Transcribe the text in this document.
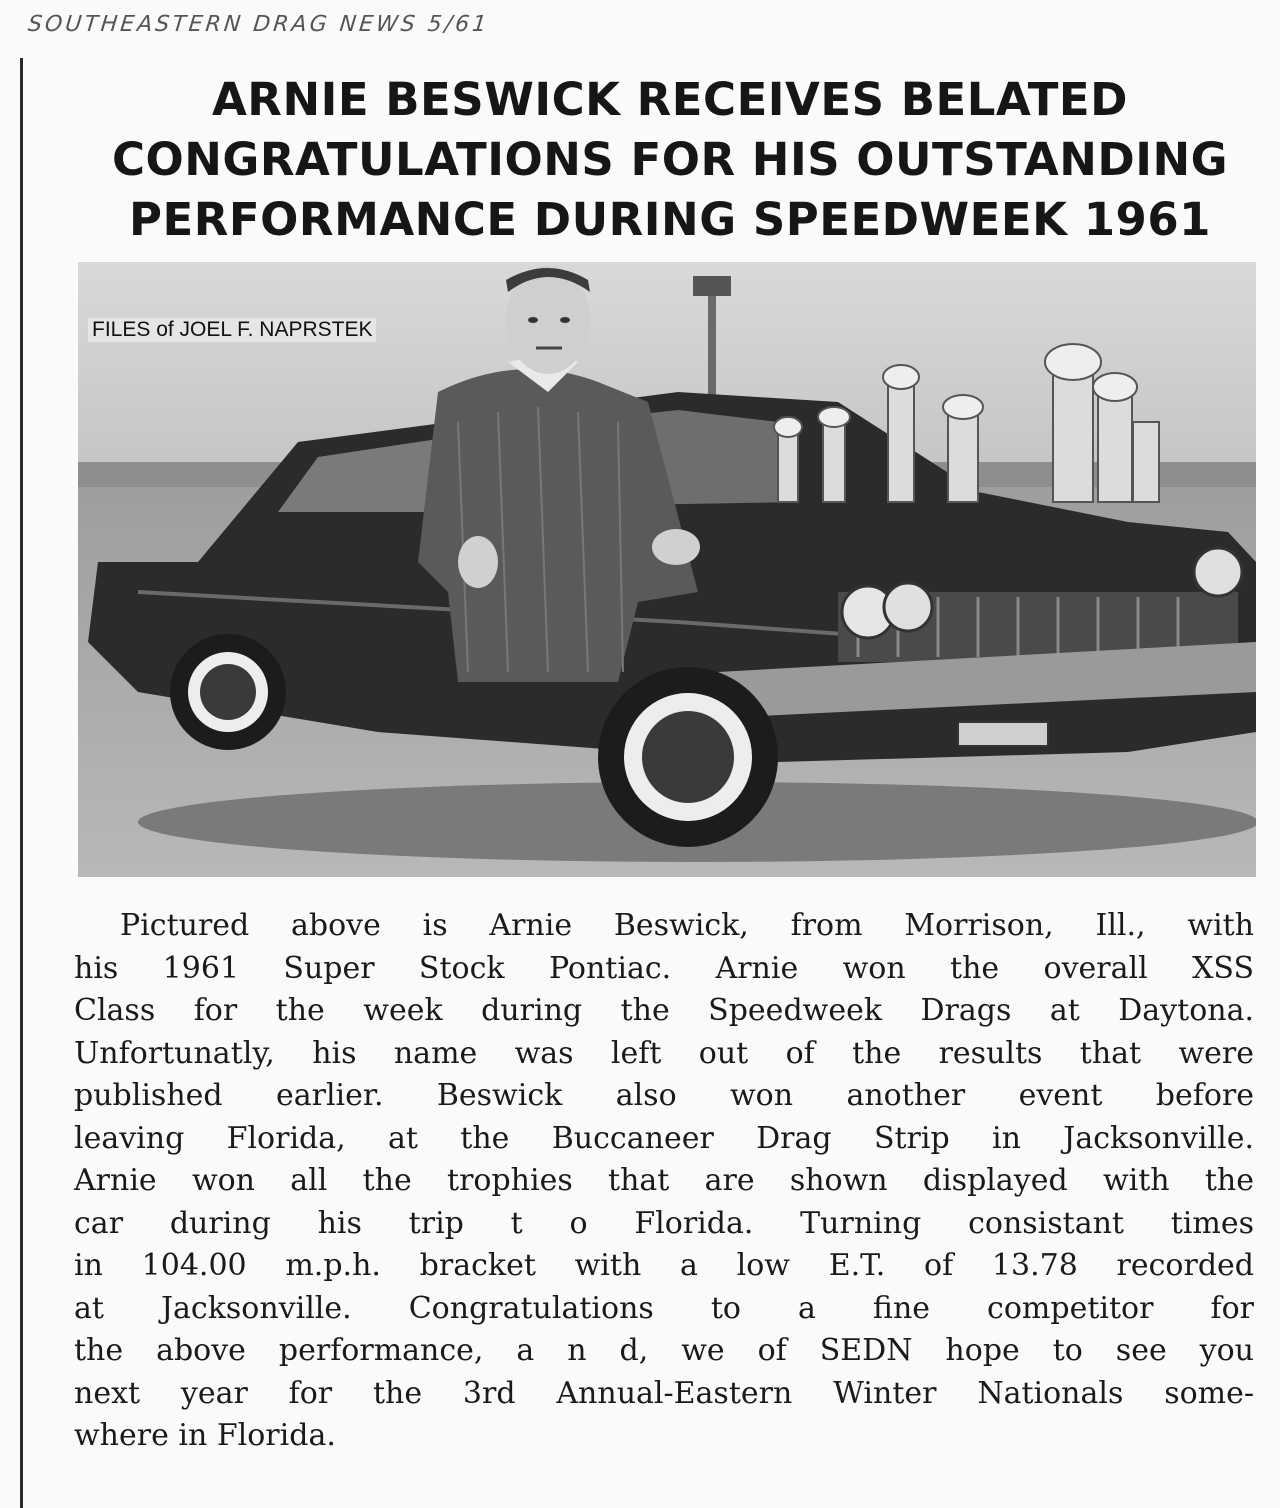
SOUTHEASTERN DRAG NEWS 5/61
ARNIE BESWICK RECEIVES BELATED
CONGRATULATIONS FOR HIS OUTSTANDING
PERFORMANCE DURING SPEEDWEEK 1961
FILES of JOEL F. NAPRSTEK
Pictured above is Arnie Beswick, from Morrison, Ill., with
his 1961 Super Stock Pontiac. Arnie won the overall XSS
Class for the week during the Speedweek Drags at Daytona.
Unfortunatly, his name was left out of the results that were
published earlier. Beswick also won another event before
leaving Florida, at the Buccaneer Drag Strip in Jacksonville.
Arnie won all the trophies that are shown displayed with the
car during his trip t o Florida. Turning consistant times
in 104.00 m.p.h. bracket with a low E.T. of 13.78 recorded
at Jacksonville. Congratulations to a fine competitor for
the above performance, a n d, we of SEDN hope to see you
next year for the 3rd Annual-Eastern Winter Nationals some-
where in Florida.
